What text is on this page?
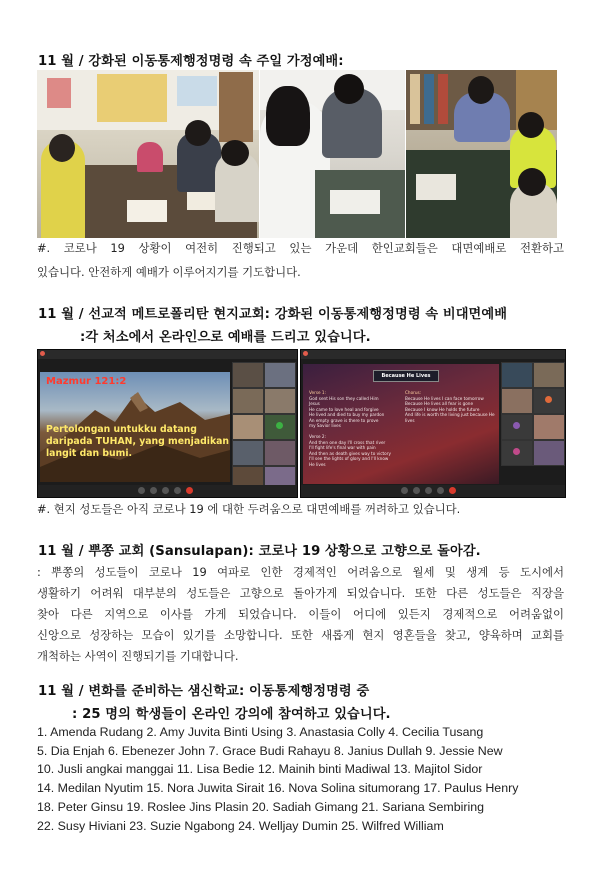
11 월 / 강화된 이동통제행정명령 속 주일 가정예배:
#. 코로나 19 상황이 여전히 진행되고 있는 가운데 한인교회들은 대면예배로 전환하고
있습니다. 안전하게 예배가 이루어지기를 기도합니다.
11 월 / 선교적 메트로폴리탄 현지교회: 강화된 이동통제행정명령 속 비대면예배
:각 처소에서 온라인으로 예배를 드리고 있습니다.
Mazmur 121:2
Pertolongan untukku datang
daripada TUHAN, yang menjadikan
langit dan bumi.
Because He Lives
Verse 1:
God sent His son they called Him
Jesus
He came to love heal and forgive
He lived and died to buy my pardon
An empty grave is there to prove
my Savior lives

Verse 2:
And then one day I'll cross that river
I'll fight life's final war with pain
And then as death gives way to victory
I'll see the lights of glory and I'll know
He lives
Chorus:
Because He lives I can face tomorrow
Because He lives all fear is gone
Because I know He holds the future
And life is worth the living just because He
lives
#. 현지 성도들은 아직 코로나 19 에 대한 두려움으로 대면예배를 꺼려하고 있습니다.
11 월 / 뿌쫑 교회 (Sansulapan): 코로나 19 상황으로 고향으로 돌아감.
: 뿌쫑의 성도들이 코로나 19 여파로 인한 경제적인 어려움으로 월세 및 생계 등 도시에서
생활하기 어려워 대부분의 성도들은 고향으로 돌아가게 되었습니다. 또한 다른 성도들은 직장을
찾아 다른 지역으로 이사를 가게 되었습니다. 이들이 어디에 있든지 경제적으로 어려움없이
신앙으로 성장하는 모습이 있기를 소망합니다. 또한 새롭게 현지 영혼들을 찾고, 양육하며 교회를
개척하는 사역이 진행되기를 기대합니다.
11 월 / 변화를 준비하는 샘신학교: 이동통제행정명령 중
: 25 명의 학생들이 온라인 강의에 참여하고 있습니다.
1. Amenda Rudang 2. Amy Juvita Binti Using 3. Anastasia Colly 4. Cecilia Tusang
5. Dia Enjah 6. Ebenezer John 7. Grace Budi Rahayu 8. Janius Dullah 9. Jessie New
10. Jusli angkai manggai 11. Lisa Bedie 12. Mainih binti Madiwal 13. Majitol Sidor
14. Medilan Nyutim 15. Nora Juwita Sirait 16. Nova Solina situmorang 17. Paulus Henry
18. Peter Ginsu 19. Roslee Jins Plasin 20. Sadiah Gimang 21. Sariana Sembiring
22. Susy Hiviani 23. Suzie Ngabong 24. Welljay Dumin 25. Wilfred William
